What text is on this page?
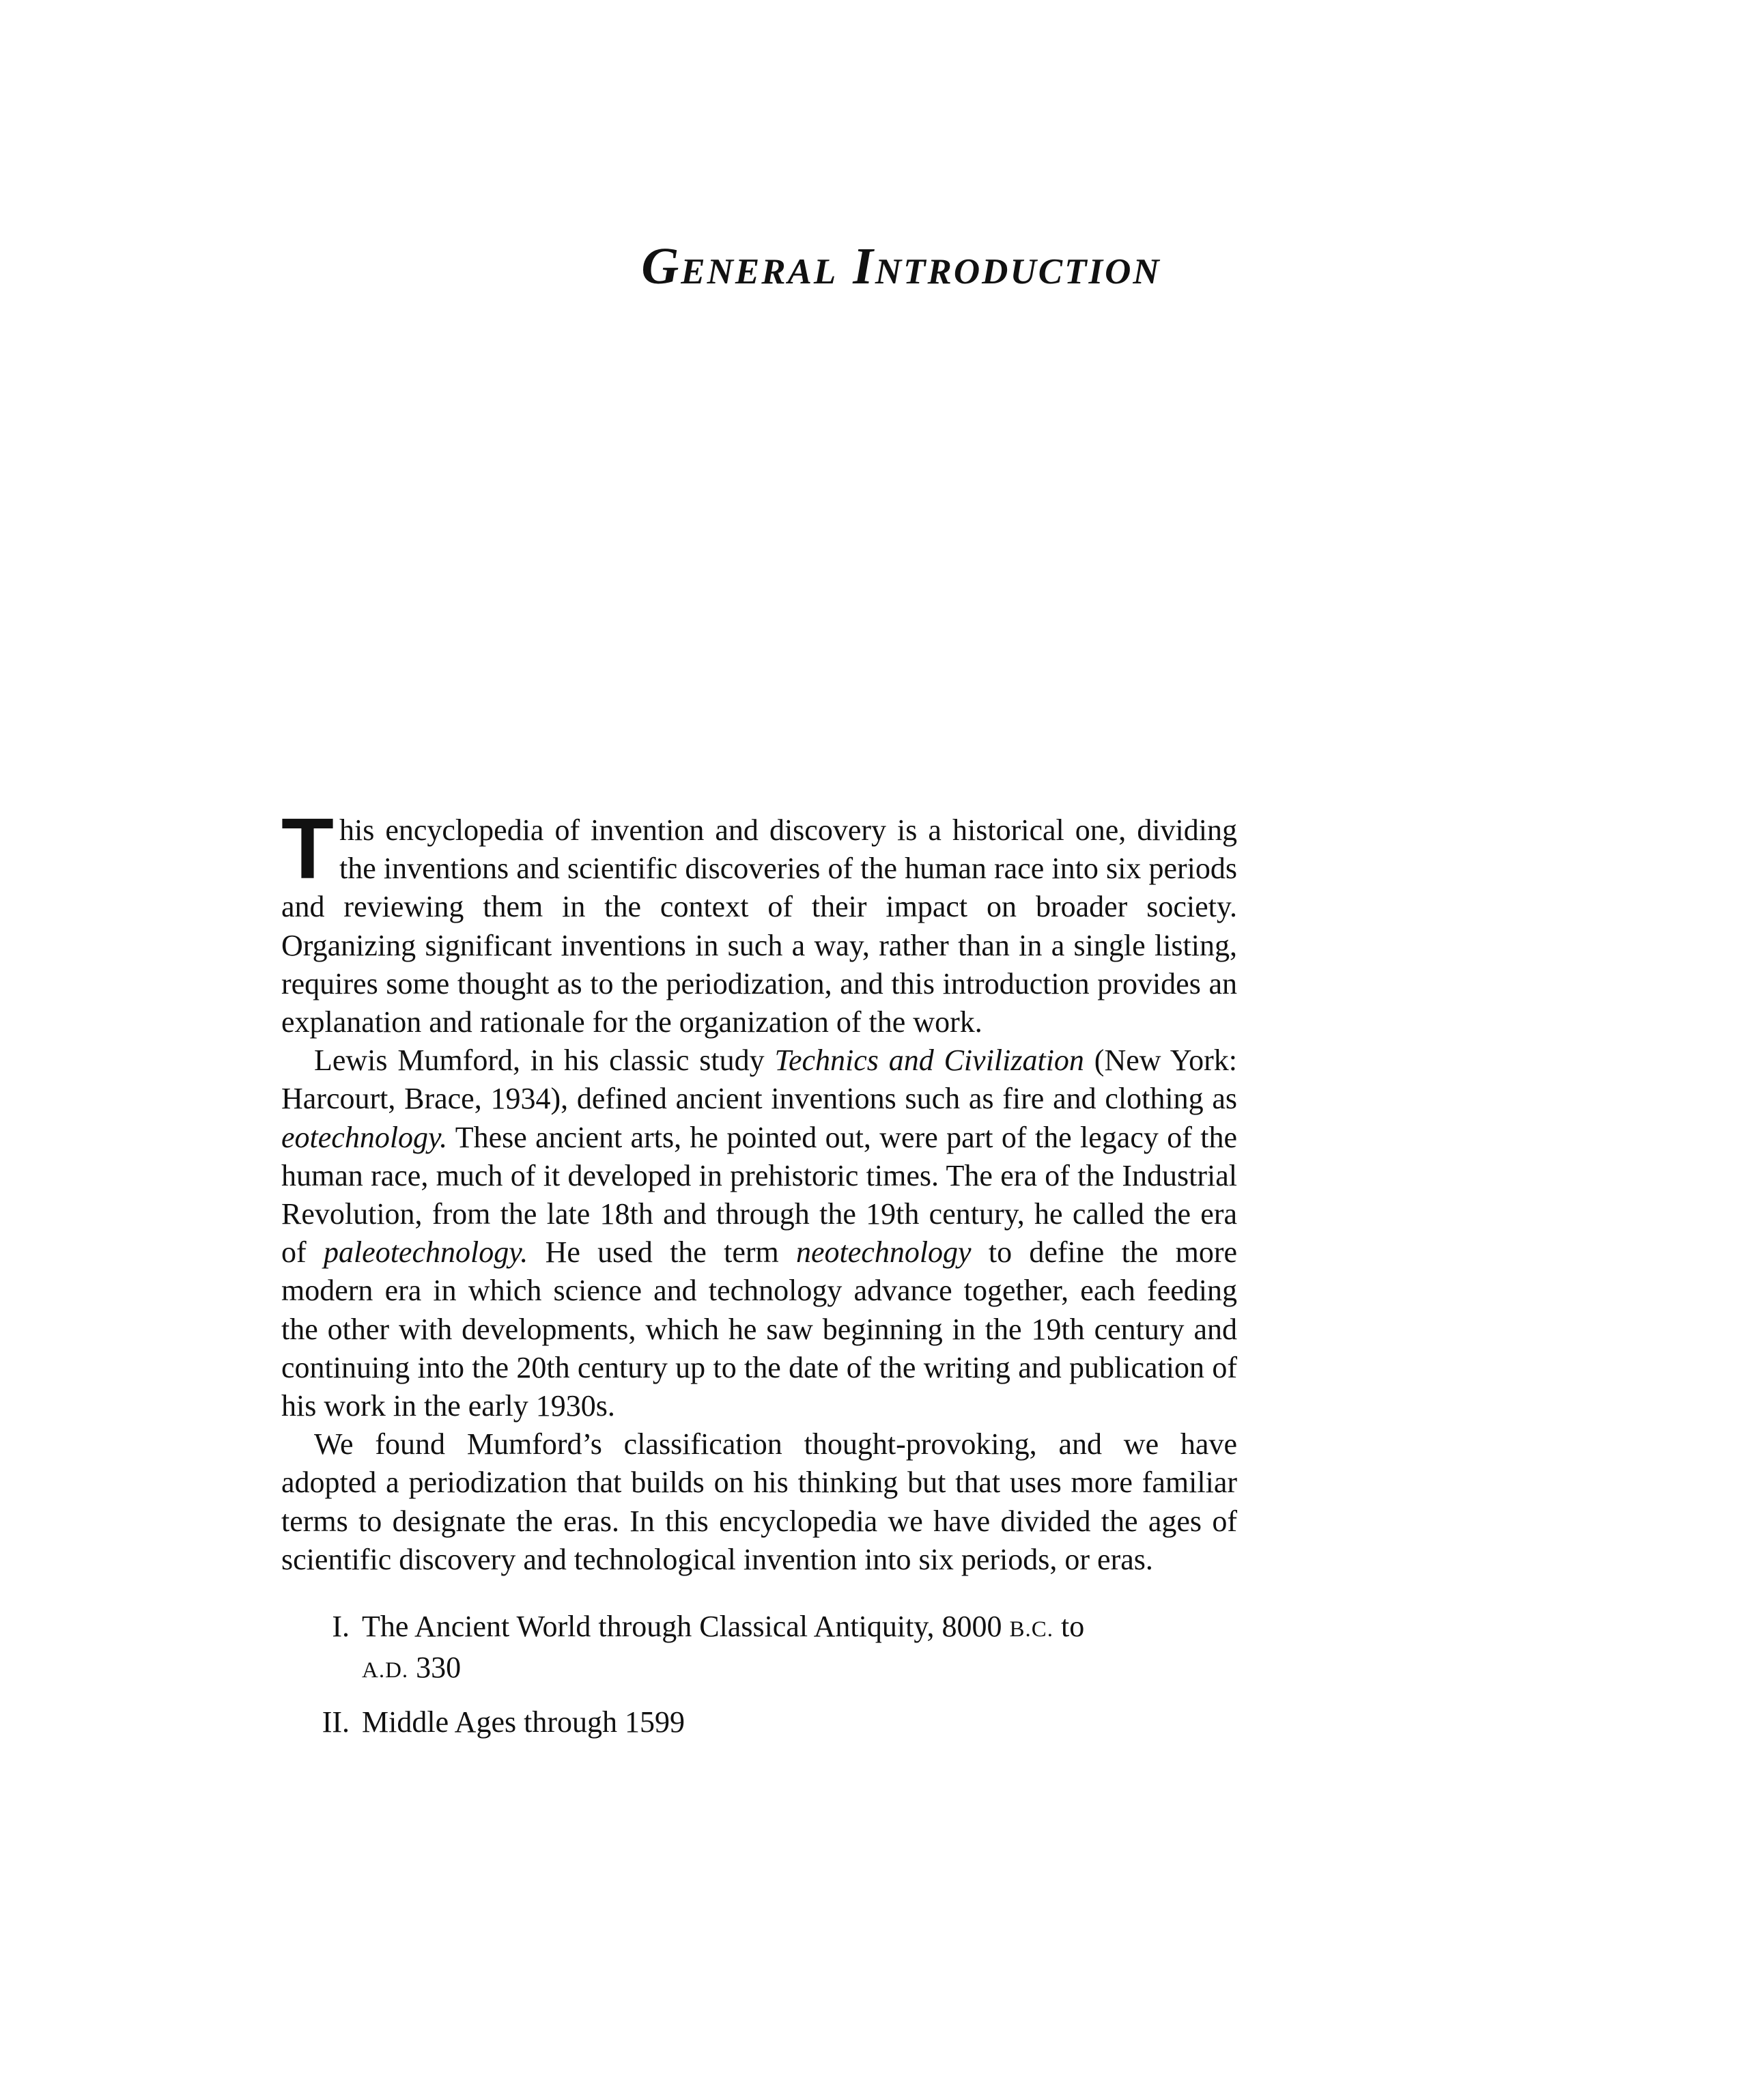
General Introduction

This encyclopedia of invention and discovery is a historical one, dividing the inventions and scientific discoveries of the human race into six periods and reviewing them in the context of their impact on broader society. Organizing significant inventions in such a way, rather than in a single listing, requires some thought as to the periodization, and this introduction provides an explanation and rationale for the organization of the work.

Lewis Mumford, in his classic study Technics and Civilization (New York: Harcourt, Brace, 1934), defined ancient inventions such as fire and clothing as eotechnology. These ancient arts, he pointed out, were part of the legacy of the human race, much of it developed in prehistoric times. The era of the Industrial Revolution, from the late 18th and through the 19th century, he called the era of paleotechnology. He used the term neotechnology to define the more modern era in which science and technology advance together, each feeding the other with developments, which he saw beginning in the 19th century and continuing into the 20th century up to the date of the writing and publication of his work in the early 1930s.

We found Mumford’s classification thought-provoking, and we have adopted a periodization that builds on his thinking but that uses more familiar terms to designate the eras. In this encyclopedia we have divided the ages of scientific discovery and technological invention into six periods, or eras.

I. The Ancient World through Classical Antiquity, 8000 B.C. to
A.D. 330
II. Middle Ages through 1599
